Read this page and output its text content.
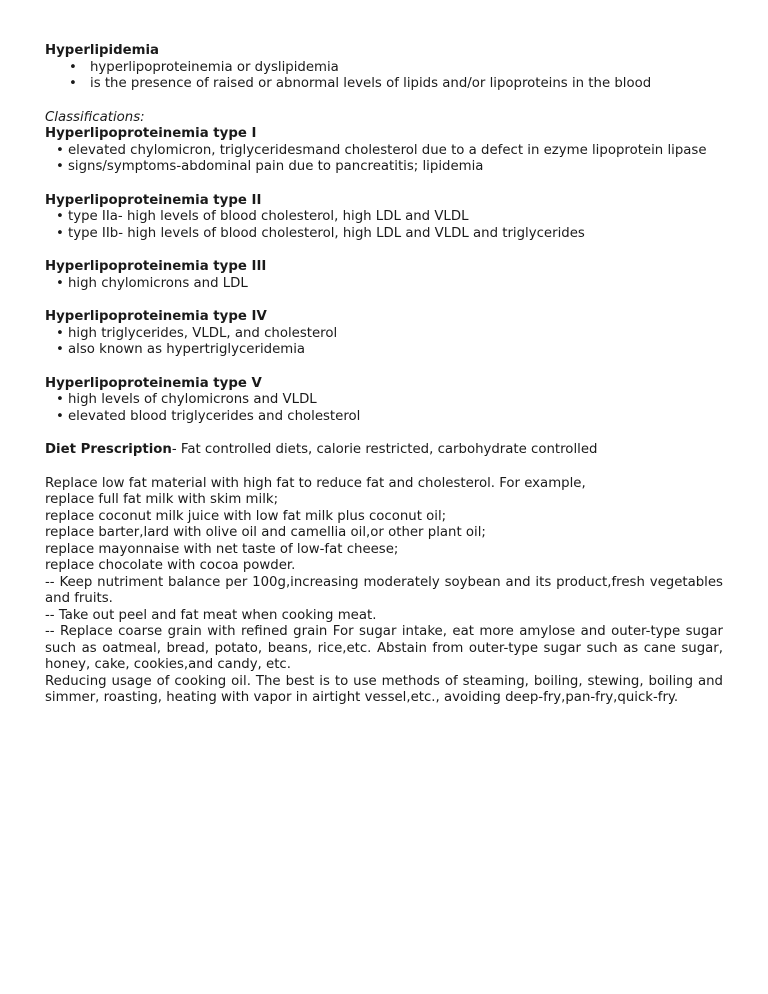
Hyperlipidemia
• hyperlipoproteinemia or dyslipidemia
• is the presence of raised or abnormal levels of lipids and/or lipoproteins in the blood
Classifications:
Hyperlipoproteinemia type I
• elevated chylomicron, triglyceridesmand cholesterol due to a defect in ezyme lipoprotein lipase
• signs/symptoms-abdominal pain due to pancreatitis; lipidemia
Hyperlipoproteinemia type II
• type IIa- high levels of blood cholesterol, high LDL and VLDL
• type IIb- high levels of blood cholesterol, high LDL and VLDL and triglycerides
Hyperlipoproteinemia type III
• high chylomicrons and LDL
Hyperlipoproteinemia type IV
• high triglycerides, VLDL, and cholesterol
• also known as hypertriglyceridemia
Hyperlipoproteinemia type V
• high levels of chylomicrons and VLDL
• elevated blood triglycerides and cholesterol

Diet Prescription- Fat controlled diets, calorie restricted, carbohydrate controlled

Replace low fat material with high fat to reduce fat and cholesterol. For example,

replace full fat milk with skim milk;

replace coconut milk juice with low fat milk plus coconut oil;

replace barter,lard with olive oil and camellia oil,or other plant oil;

replace mayonnaise with net taste of low-fat cheese;

replace chocolate with cocoa powder.

-- Keep nutriment balance per 100g,increasing moderately soybean and its product,fresh vegetables and fruits.

-- Take out peel and fat meat when cooking meat.

-- Replace coarse grain with refined grain For sugar intake, eat more amylose and outer-type sugar such as oatmeal, bread, potato, beans, rice,etc. Abstain from outer-type sugar such as cane sugar, honey, cake, cookies,and candy, etc.

Reducing usage of cooking oil. The best is to use methods of steaming, boiling, stewing, boiling and simmer, roasting, heating with vapor in airtight vessel,etc., avoiding deep-fry,pan-fry,quick-fry.
